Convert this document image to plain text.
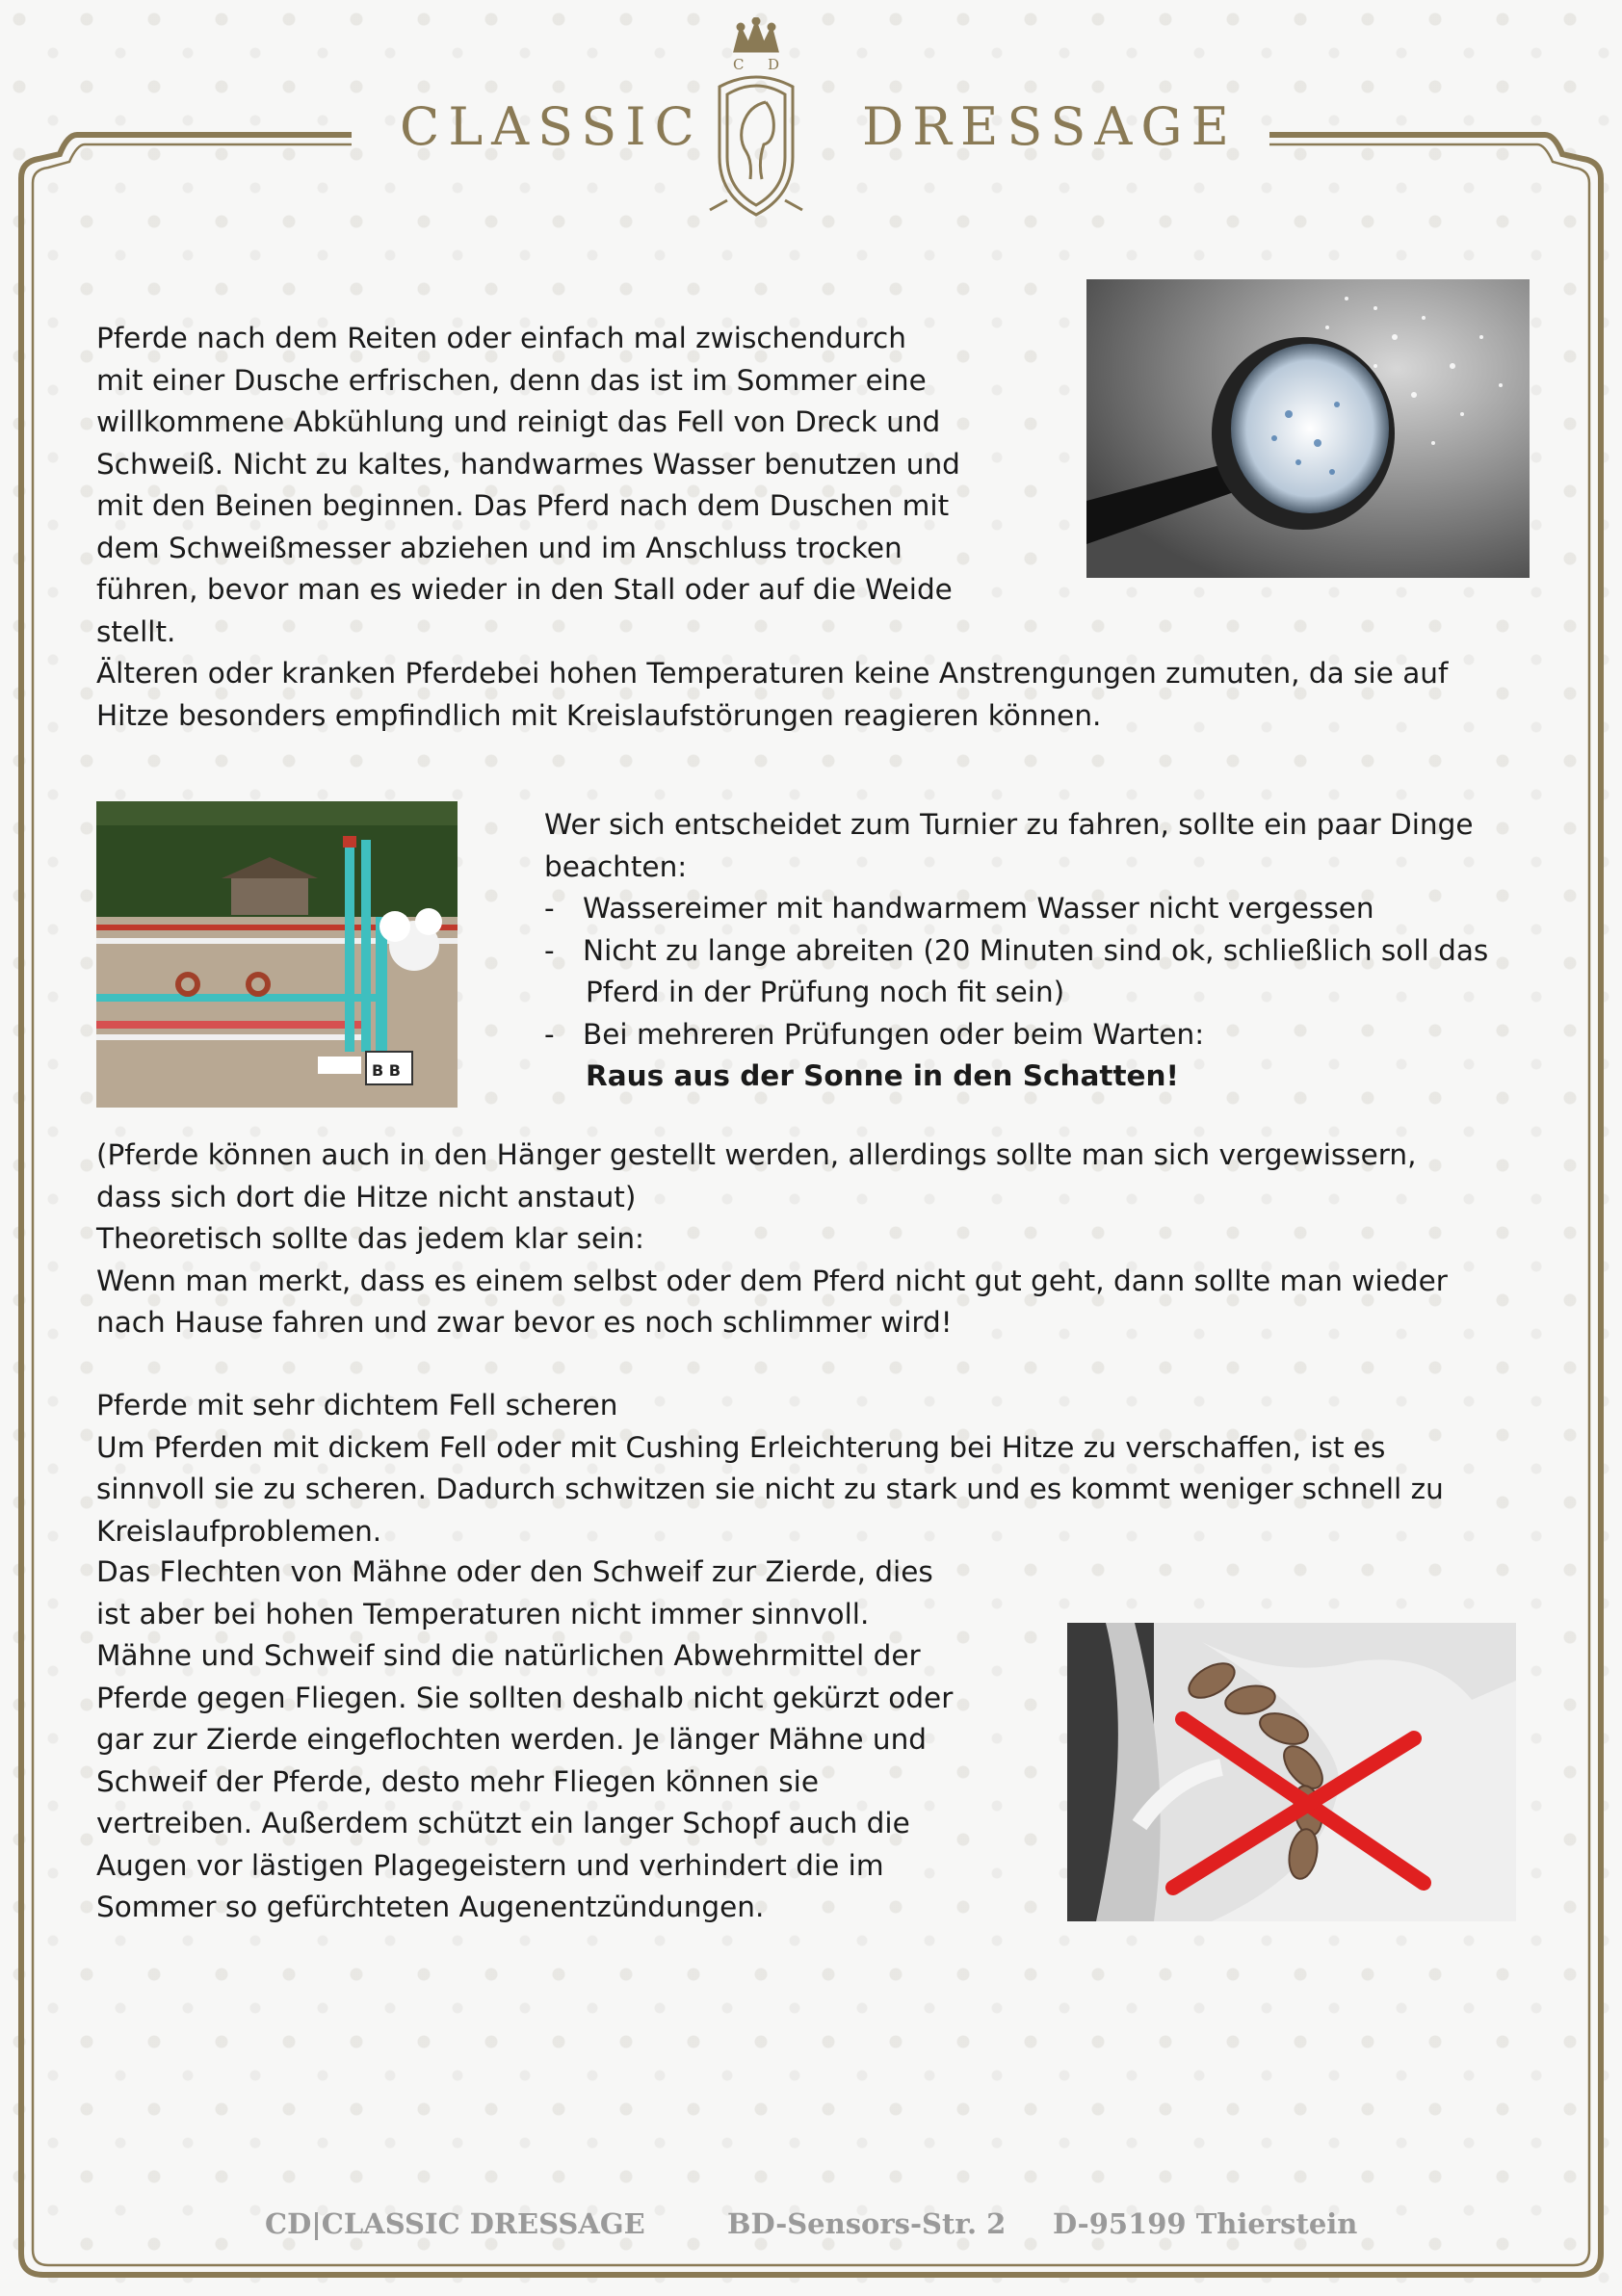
CLASSIC	DRESSAGE
C D

Pferde nach dem Reiten oder einfach mal zwischendurch

mit einer Dusche erfrischen, denn das ist im Sommer eine

willkommene Abkühlung und reinigt das Fell von Dreck und

Schweiß. Nicht zu kaltes, handwarmes Wasser benutzen und

mit den Beinen beginnen. Das Pferd nach dem Duschen mit

dem Schweißmesser abziehen und im Anschluss trocken

führen, bevor man es wieder in den Stall oder auf die Weide

stellt.

Älteren oder kranken Pferdebei hohen Temperaturen keine Anstrengungen zumuten, da sie auf

Hitze besonders empfindlich mit Kreislaufstörungen reagieren können.

B B

Wer sich entscheidet zum Turnier zu fahren, sollte ein paar Dinge

beachten:

- Wassereimer mit handwarmem Wasser nicht vergessen

- Nicht zu lange abreiten (20 Minuten sind ok, schließlich soll das

Pferd in der Prüfung noch fit sein)

- Bei mehreren Prüfungen oder beim Warten:

Raus aus der Sonne in den Schatten!

(Pferde können auch in den Hänger gestellt werden, allerdings sollte man sich vergewissern,

dass sich dort die Hitze nicht anstaut)

Theoretisch sollte das jedem klar sein:

Wenn man merkt, dass es einem selbst oder dem Pferd nicht gut geht, dann sollte man wieder

nach Hause fahren und zwar bevor es noch schlimmer wird!

Pferde mit sehr dichtem Fell scheren

Um Pferden mit dickem Fell oder mit Cushing Erleichterung bei Hitze zu verschaffen, ist es

sinnvoll sie zu scheren. Dadurch schwitzen sie nicht zu stark und es kommt weniger schnell zu

Kreislaufproblemen.

Das Flechten von Mähne oder den Schweif zur Zierde, dies

ist aber bei hohen Temperaturen nicht immer sinnvoll.

Mähne und Schweif sind die natürlichen Abwehrmittel der

Pferde gegen Fliegen. Sie sollten deshalb nicht gekürzt oder

gar zur Zierde eingeflochten werden. Je länger Mähne und

Schweif der Pferde, desto mehr Fliegen können sie

vertreiben. Außerdem schützt ein langer Schopf auch die

Augen vor lästigen Plagegeistern und verhindert die im

Sommer so gefürchteten Augenentzündungen.

CD|CLASSIC DRESSAGE	BD-Sensors-Str. 2 D-95199 Thierstein
